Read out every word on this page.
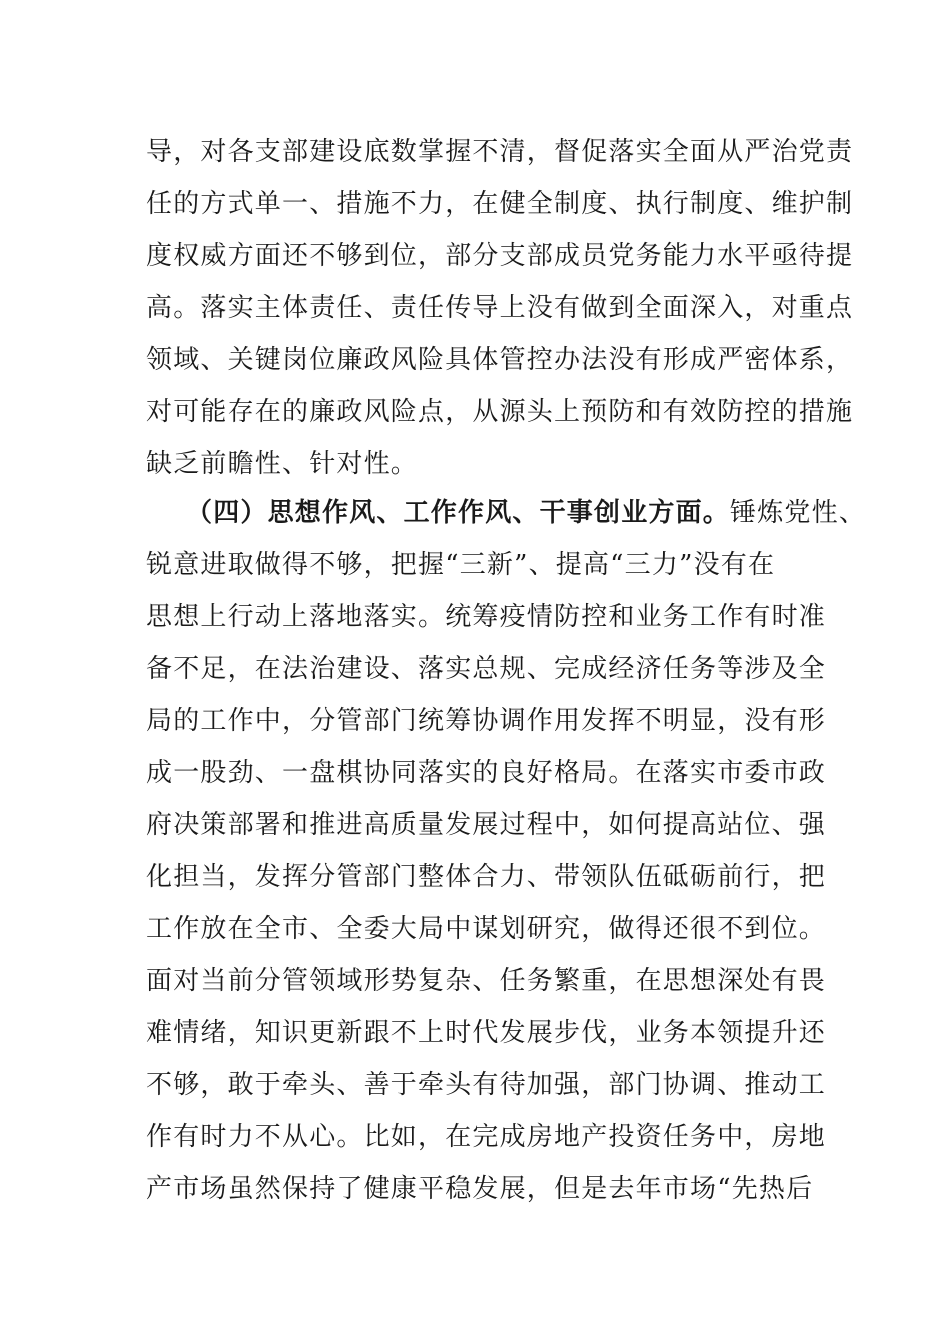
导，对各支部建设底数掌握不清，督促落实全面从严治党责
任的方式单一、措施不力，在健全制度、执行制度、维护制
度权威方面还不够到位，部分支部成员党务能力水平亟待提
高。落实主体责任、责任传导上没有做到全面深入，对重点
领域、关键岗位廉政风险具体管控办法没有形成严密体系，
对可能存在的廉政风险点，从源头上预防和有效防控的措施
缺乏前瞻性、针对性。
（四）思想作风、工作作风、干事创业方面。锤炼党性、
锐意进取做得不够，把握“三新”、提高“三力”没有在
思想上行动上落地落实。统筹疫情防控和业务工作有时准
备不足，在法治建设、落实总规、完成经济任务等涉及全
局的工作中，分管部门统筹协调作用发挥不明显，没有形
成一股劲、一盘棋协同落实的良好格局。在落实市委市政
府决策部署和推进高质量发展过程中，如何提高站位、强
化担当，发挥分管部门整体合力、带领队伍砥砺前行，把
工作放在全市、全委大局中谋划研究，做得还很不到位。
面对当前分管领域形势复杂、任务繁重，在思想深处有畏
难情绪，知识更新跟不上时代发展步伐，业务本领提升还
不够，敢于牵头、善于牵头有待加强，部门协调、推动工
作有时力不从心。比如，在完成房地产投资任务中，房地
产市场虽然保持了健康平稳发展，但是去年市场“先热后
